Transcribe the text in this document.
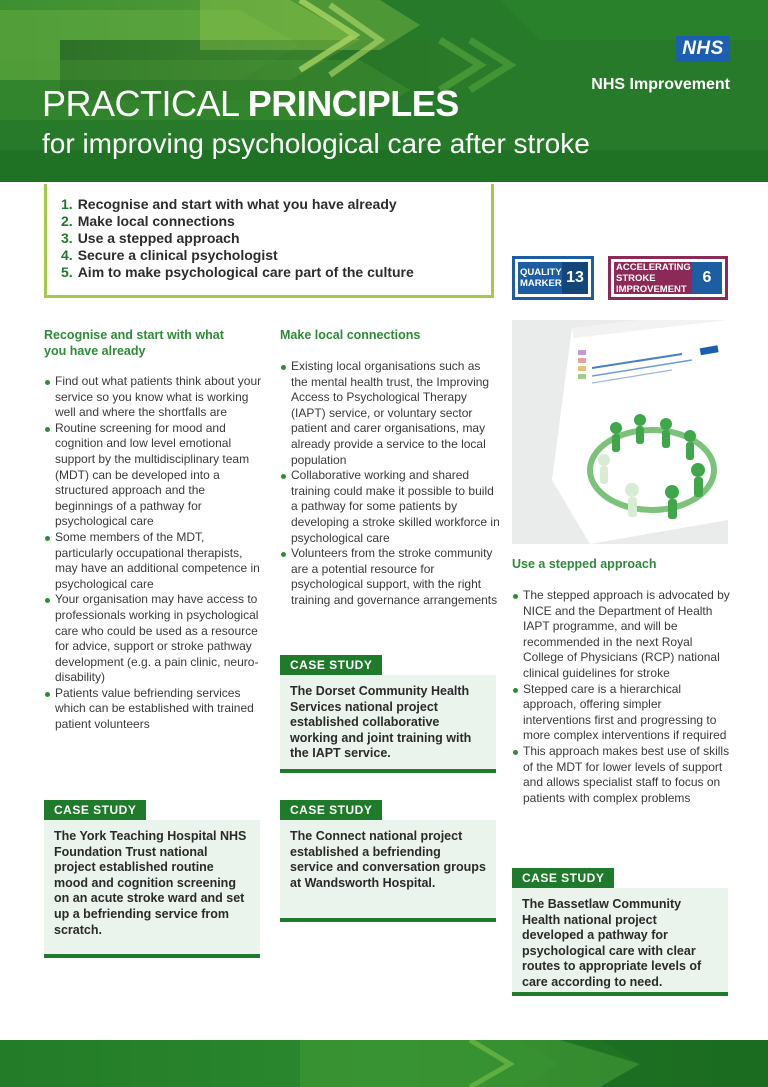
NHS
NHS Improvement
PRACTICAL PRINCIPLES
for improving psychological care after stroke
1. Recognise and start with what you have already
2. Make local connections
3. Use a stepped approach
4. Secure a clinical psychologist
5. Aim to make psychological care part of the culture	QUALITY
MARKER 13
ACCELERATING
STROKE
IMPROVEMENT
6
Recognise and start with what
you have already
Find out what patients think about your service so you know what is working well and where the shortfalls are
Routine screening for mood and cognition and low level emotional support by the multidisciplinary team (MDT) can be developed into a structured approach and the beginnings of a pathway for psychological care
Some members of the MDT, particularly occupational therapists, may have an additional competence in psychological care
Your organisation may have access to professionals working in psychological care who could be used as a resource for advice, support or stroke pathway development (e.g. a pain clinic, neuro-disability)
Patients value befriending services which can be established with trained patient volunteers
CASE STUDY
The York Teaching Hospital NHS Foundation Trust national project established routine mood and cognition screening on an acute stroke ward and set up a befriending service from scratch.
Make local connections
Existing local organisations such as the mental health trust, the Improving Access to Psychological Therapy (IAPT) service, or voluntary sector patient and carer organisations, may already provide a service to the local population
Collaborative working and shared training could make it possible to build a pathway for some patients by developing a stroke skilled workforce in psychological care
Volunteers from the stroke community are a potential resource for psychological support, with the right training and governance arrangements
CASE STUDY
The Dorset Community Health Services national project established collaborative working and joint training with the IAPT service.
CASE STUDY
The Connect national project established a befriending service and conversation groups at Wandsworth Hospital.
Use a stepped approach
The stepped approach is advocated by NICE and the Department of Health IAPT programme, and will be recommended in the next Royal College of Physicians (RCP) national clinical guidelines for stroke
Stepped care is a hierarchical approach, offering simpler interventions first and progressing to more complex interventions if required
This approach makes best use of skills of the MDT for lower levels of support and allows specialist staff to focus on patients with complex problems
CASE STUDY
The Bassetlaw Community Health national project developed a pathway for psychological care with clear routes to appropriate levels of care according to need.
